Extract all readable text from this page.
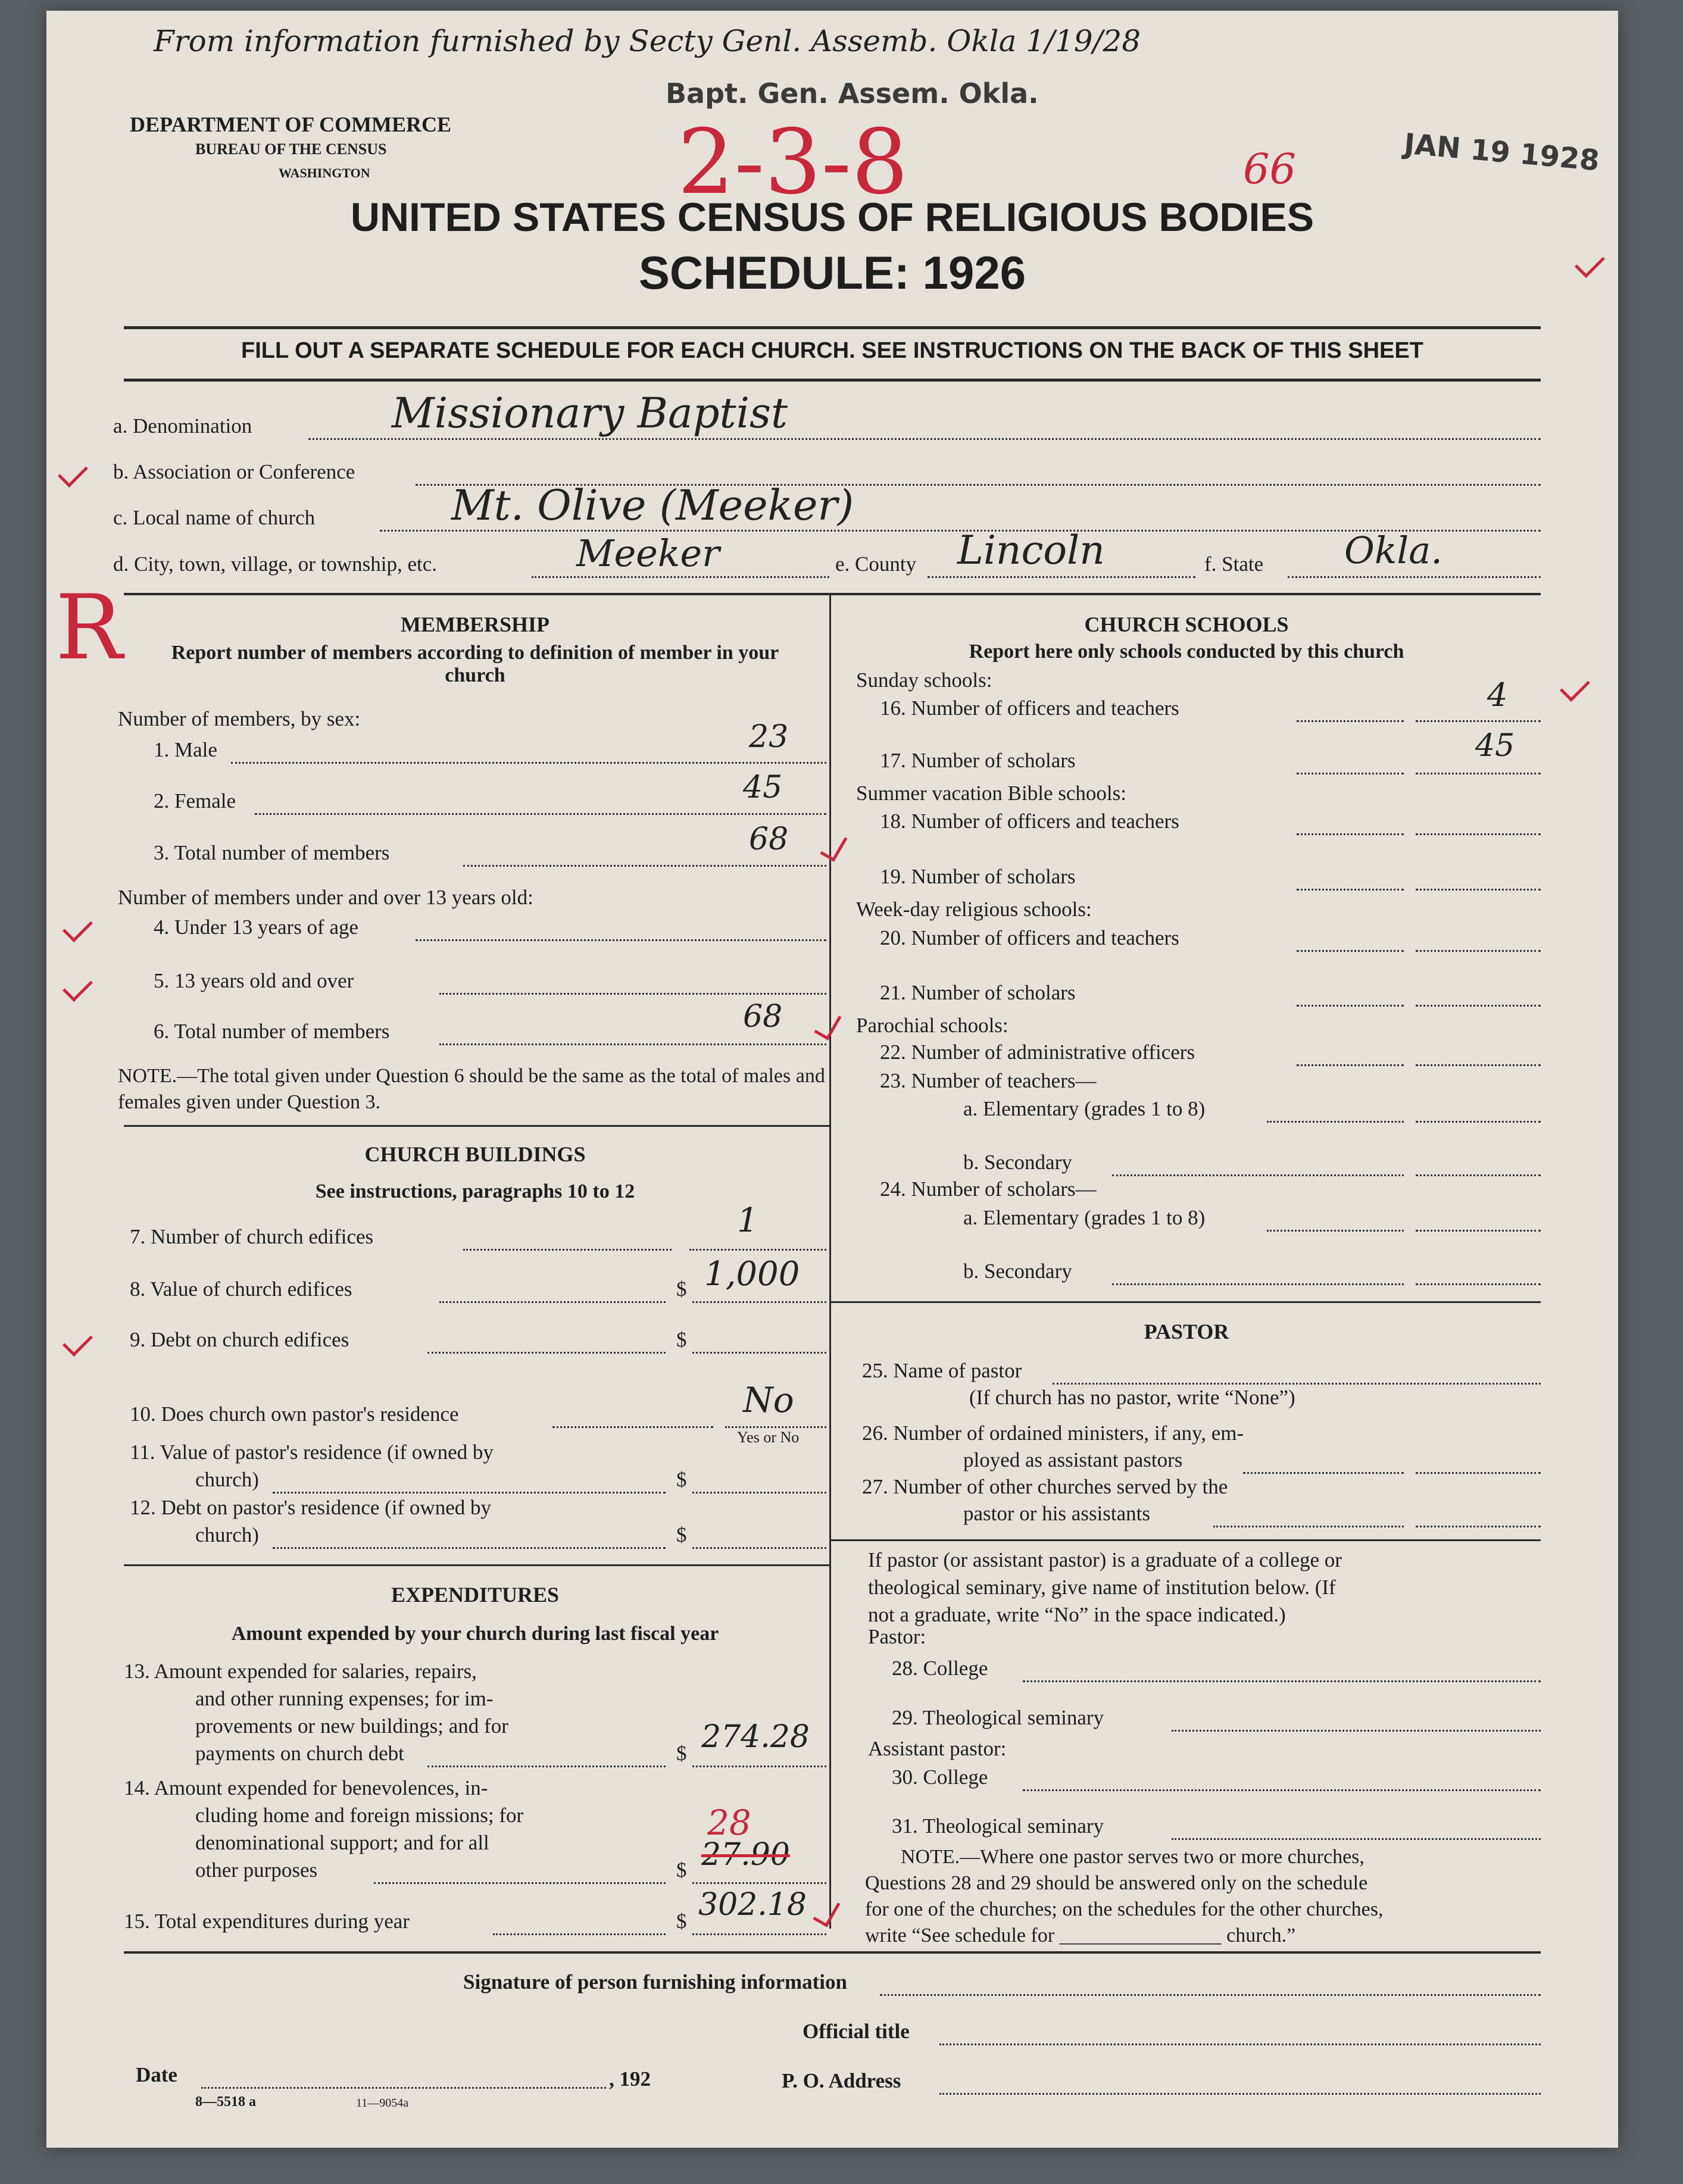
From information furnished by Secty Genl. Assemb. Okla 1/19/28
DEPARTMENT OF COMMERCE
BUREAU OF THE CENSUS
WASHINGTON
Bapt. Gen. Assem. Okla.
2-3-8	66	JAN 19 1928
UNITED STATES CENSUS OF RELIGIOUS BODIES
SCHEDULE: 1926
FILL OUT A SEPARATE SCHEDULE FOR EACH CHURCH. SEE INSTRUCTIONS ON THE BACK OF THIS SHEET
a. Denomination	Missionary Baptist
b. Association or Conference
c. Local name of church	Mt. Olive (Meeker)
R
d. City, town, village, or township, etc.	Meeker	e. County Lincoln	f. State Okla.
MEMBERSHIP
Report number of members according to definition of member in your church
Number of members, by sex:
1. Male	23
2. Female	45
3. Total number of members	68
Number of members under and over 13 years old:
4. Under 13 years of age
5. 13 years old and over
6. Total number of members	68
NOTE.—The total given under Question 6 should be the same as the total of males and females given under Question 3.
CHURCH BUILDINGS
See instructions, paragraphs 10 to 12
7. Number of church edifices	1
8. Value of church edifices	$ 1,000
9. Debt on church edifices	$
10. Does church own pastor's residence	No
Yes or No
11. Value of pastor's residence (if owned by
church)	$
12. Debt on pastor's residence (if owned by
church)	$
EXPENDITURES
Amount expended by your church during last fiscal year
13. Amount expended for salaries, repairs,
and other running expenses; for im-
provements or new buildings; and for
payments on church debt	$ 274.28
14. Amount expended for benevolences, in-
cluding home and foreign missions; for
denominational support; and for all
other purposes	$
28
27.90
15. Total expenditures during year	$ 302.18
CHURCH SCHOOLS
Report here only schools conducted by this church
Sunday schools:
16. Number of officers and teachers	4
17. Number of scholars	45
Summer vacation Bible schools:
18. Number of officers and teachers
19. Number of scholars
Week-day religious schools:
20. Number of officers and teachers
21. Number of scholars
Parochial schools:
22. Number of administrative officers
23. Number of teachers—
a. Elementary (grades 1 to 8)
b. Secondary
24. Number of scholars—
a. Elementary (grades 1 to 8)
b. Secondary
PASTOR
25. Name of pastor
(If church has no pastor, write “None”)
26. Number of ordained ministers, if any, em-
ployed as assistant pastors
27. Number of other churches served by the
pastor or his assistants
If pastor (or assistant pastor) is a graduate of a college or
theological seminary, give name of institution below. (If
not a graduate, write “No” in the space indicated.)
Pastor:
28. College
29. Theological seminary
Assistant pastor:
30. College
31. Theological seminary
NOTE.—Where one pastor serves two or more churches,
Questions 28 and 29 should be answered only on the schedule
for one of the churches; on the schedules for the other churches,
write “See schedule for ________________ church.”
Signature of person furnishing information
Official title
Date	, 192	P. O. Address
8—5518 a	11—9054a
